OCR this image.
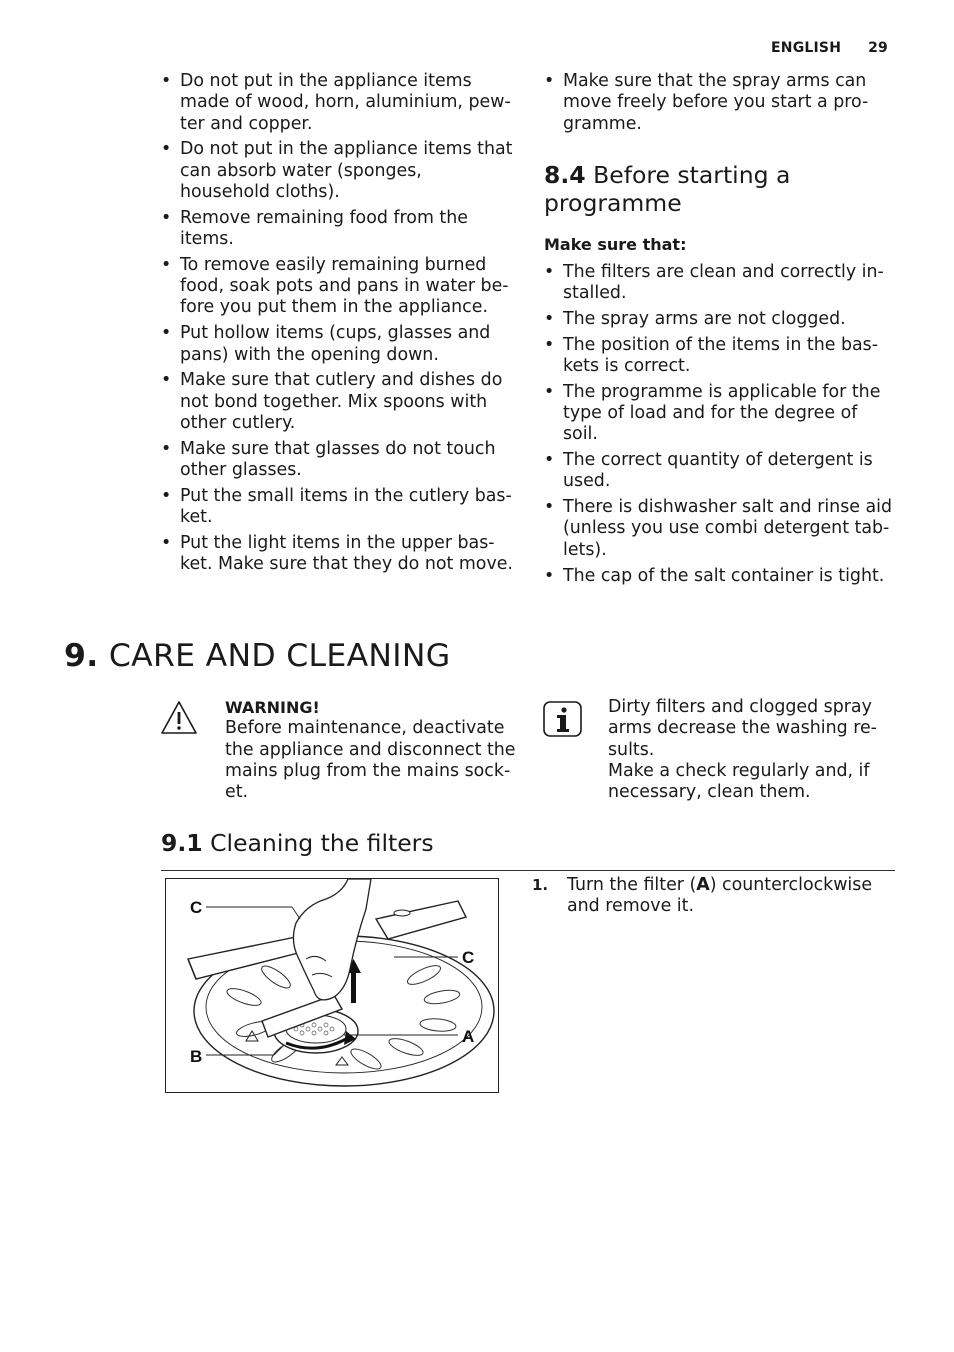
ENGLISH 29
• Do not put in the appliance items made of wood, horn, aluminium, pew-ter and copper.
• Do not put in the appliance items that can absorb water (sponges, household cloths).
• Remove remaining food from the items.
• To remove easily remaining burned food, soak pots and pans in water be-fore you put them in the appliance.
• Put hollow items (cups, glasses and pans) with the opening down.
• Make sure that cutlery and dishes do not bond together. Mix spoons with other cutlery.
• Make sure that glasses do not touch other glasses.
• Put the small items in the cutlery bas-ket.
• Put the light items in the upper bas-ket. Make sure that they do not move.
• Make sure that the spray arms can move freely before you start a pro-gramme.
8.4 Before starting a programme
Make sure that:
• The filters are clean and correctly in-stalled.
• The spray arms are not clogged.
• The position of the items in the bas-kets is correct.
• The programme is applicable for the type of load and for the degree of soil.
• The correct quantity of detergent is used.
• There is dishwasher salt and rinse aid (unless you use combi detergent tab-lets).
• The cap of the salt container is tight.
9. CARE AND CLEANING
WARNING!
Before maintenance, deactivate the appliance and disconnect the mains plug from the mains sock-et.
Dirty filters and clogged spray arms decrease the washing re-sults.
Make a check regularly and, if necessary, clean them.
9.1 Cleaning the filters
C
C
A
B
1. Turn the filter (A) counterclockwise and remove it.
